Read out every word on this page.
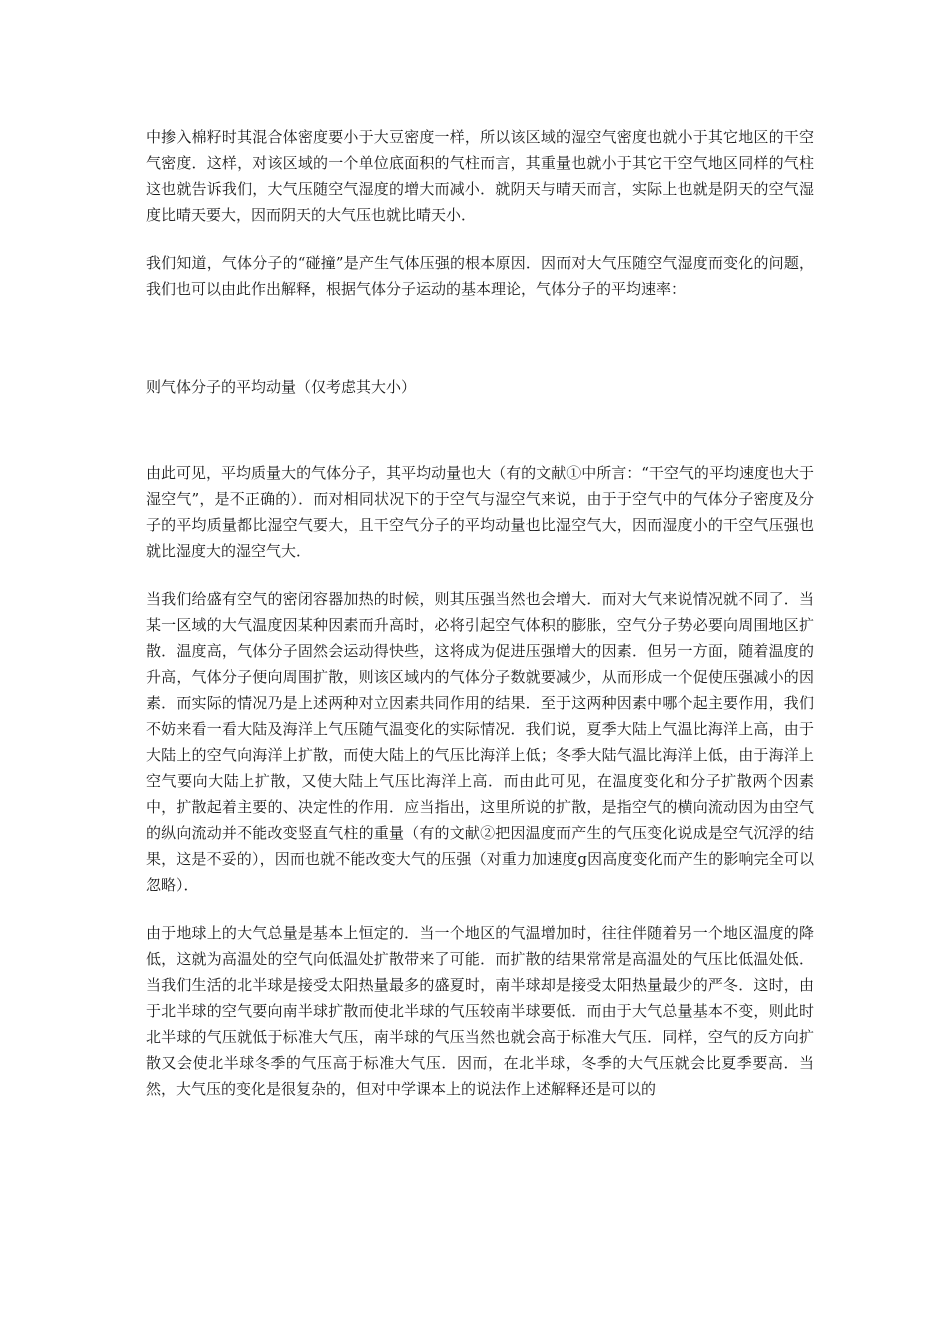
中掺入棉籽时其混合体密度要小于大豆密度一样，所以该区域的湿空气密度也就小于其它地区的干空气密度．这样，对该区域的一个单位底面积的气柱而言，其重量也就小于其它干空气地区同样的气柱这也就告诉我们，大气压随空气湿度的增大而减小．就阴天与晴天而言，实际上也就是阴天的空气湿度比晴天要大，因而阴天的大气压也就比晴天小．

我们知道，气体分子的“碰撞”是产生气体压强的根本原因．因而对大气压随空气湿度而变化的问题，我们也可以由此作出解释，根据气体分子运动的基本理论，气体分子的平均速率：

则气体分子的平均动量（仅考虑其大小）

由此可见，平均质量大的气体分子，其平均动量也大（有的文献①中所言：“干空气的平均速度也大于湿空气”，是不正确的）．而对相同状况下的于空气与湿空气来说，由于于空气中的气体分子密度及分子的平均质量都比湿空气要大，且干空气分子的平均动量也比湿空气大，因而湿度小的干空气压强也就比湿度大的湿空气大．

当我们给盛有空气的密闭容器加热的时候，则其压强当然也会增大．而对大气来说情况就不同了．当某一区域的大气温度因某种因素而升高时，必将引起空气体积的膨胀，空气分子势必要向周围地区扩散．温度高，气体分子固然会运动得快些，这将成为促进压强增大的因素．但另一方面，随着温度的升高，气体分子便向周围扩散，则该区域内的气体分子数就要减少，从而形成一个促使压强减小的因素．而实际的情况乃是上述两种对立因素共同作用的结果．至于这两种因素中哪个起主要作用，我们不妨来看一看大陆及海洋上气压随气温变化的实际情况．我们说，夏季大陆上气温比海洋上高，由于大陆上的空气向海洋上扩散，而使大陆上的气压比海洋上低；冬季大陆气温比海洋上低，由于海洋上空气要向大陆上扩散，又使大陆上气压比海洋上高．而由此可见，在温度变化和分子扩散两个因素中，扩散起着主要的、决定性的作用．应当指出，这里所说的扩散，是指空气的横向流动因为由空气的纵向流动并不能改变竖直气柱的重量（有的文献②把因温度而产生的气压变化说成是空气沉浮的结果，这是不妥的），因而也就不能改变大气的压强（对重力加速度g因高度变化而产生的影响完全可以忽略）．

由于地球上的大气总量是基本上恒定的．当一个地区的气温增加时，往往伴随着另一个地区温度的降低，这就为高温处的空气向低温处扩散带来了可能．而扩散的结果常常是高温处的气压比低温处低．当我们生活的北半球是接受太阳热量最多的盛夏时，南半球却是接受太阳热量最少的严冬．这时，由于北半球的空气要向南半球扩散而使北半球的气压较南半球要低．而由于大气总量基本不变，则此时北半球的气压就低于标准大气压，南半球的气压当然也就会高于标准大气压．同样，空气的反方向扩散又会使北半球冬季的气压高于标准大气压．因而，在北半球，冬季的大气压就会比夏季要高．当然，大气压的变化是很复杂的，但对中学课本上的说法作上述解释还是可以的
